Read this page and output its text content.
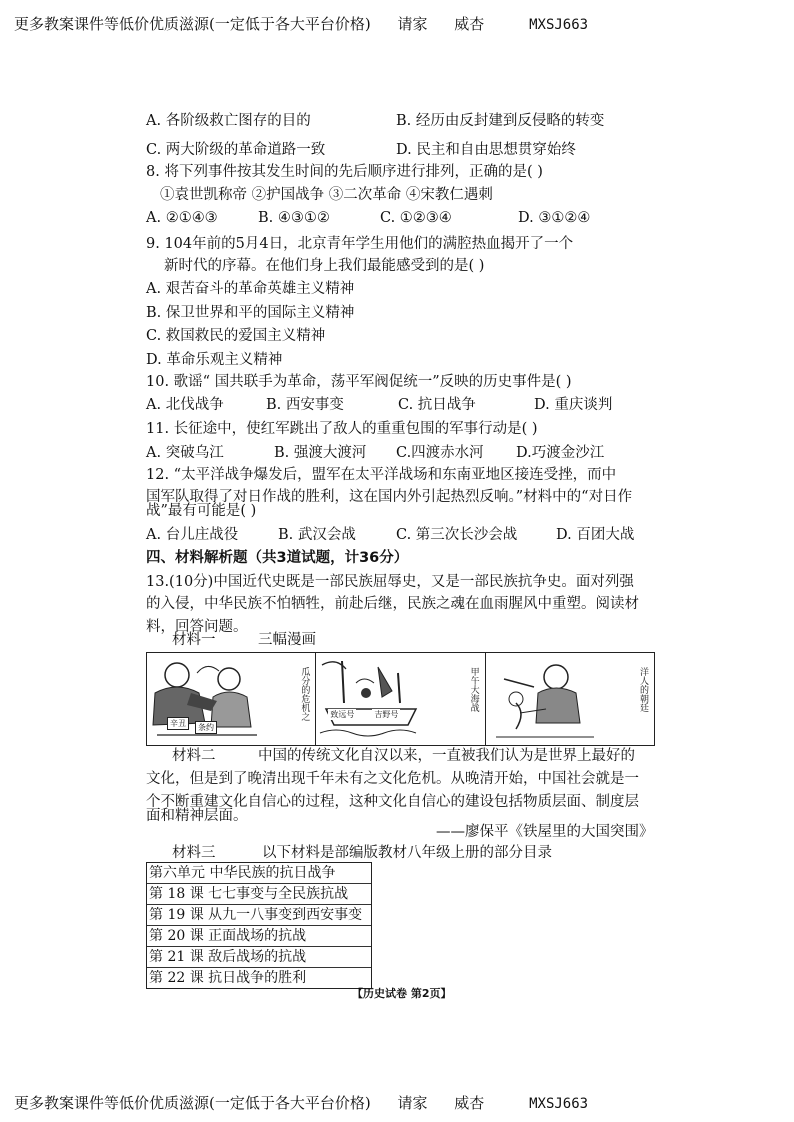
更多教案课件等低价优质滋源(一定低于各大平台价格) 请家 威杏	MXSJ663
A. 各阶级救亡图存的目的	B. 经历由反封建到反侵略的转变
C. 两大阶级的革命道路一致	D. 民主和自由思想贯穿始终
8. 将下列事件按其发生时间的先后顺序进行排列，正确的是( )
①袁世凯称帝 ②护国战争 ③二次革命 ④宋教仁遇刺
A. ②①④③	B. ④③①②	C. ①②③④	D. ③①②④
9. 104年前的5月4日，北京青年学生用他们的满腔热血揭开了一个
新时代的序幕。在他们身上我们最能感受到的是( )
A. 艰苦奋斗的革命英雄主义精神
B. 保卫世界和平的国际主义精神
C. 救国救民的爱国主义精神
D. 革命乐观主义精神
10. 歌谣“ 国共联手为革命，荡平军阀促统一”反映的历史事件是( )
A. 北伐战争	B. 西安事变	C. 抗日战争	D. 重庆谈判
11. 长征途中，使红军跳出了敌人的重重包围的军事行动是( )
A. 突破乌江	B. 强渡大渡河 C.四渡赤水河 D.巧渡金沙江
12. “太平洋战争爆发后，盟军在太平洋战场和东南亚地区接连受挫，而中
国军队取得了对日作战的胜利，这在国内外引起热烈反响。”材料中的“对日作
战”最有可能是( )
A. 台儿庄战役	B. 武汉会战	C. 第三次长沙会战	D. 百团大战
四、材料解析题（共3道试题，计36分）
13.(10分)中国近代史既是一部民族屈辱史，又是一部民族抗争史。面对列强
的入侵，中华民族不怕牺牲，前赴后继，民族之魂在血雨腥风中重塑。阅读材
料，回答问题。
材料一	三幅漫画
辛丑	条约
瓜分的危机之	致远号	吉野号
甲午大海战	洋人的朝廷
材料二	中国的传统文化自汉以来，一直被我们认为是世界上最好的
文化，但是到了晚清出现千年未有之文化危机。从晚清开始，中国社会就是一
个不断重建文化自信心的过程，这种文化自信心的建设包括物质层面、制度层
面和精神层面。
——廖保平《铁屋里的大国突围》
材料三	以下材料是部编版教材八年级上册的部分目录
第六单元 中华民族的抗日战争
第 18 课 七七事变与全民族抗战
第 19 课 从九一八事变到西安事变
第 20 课 正面战场的抗战
第 21 课 敌后战场的抗战
第 22 课 抗日战争的胜利
【历史试卷 第2页】
更多教案课件等低价优质滋源(一定低于各大平台价格) 请家 威杏	MXSJ663
